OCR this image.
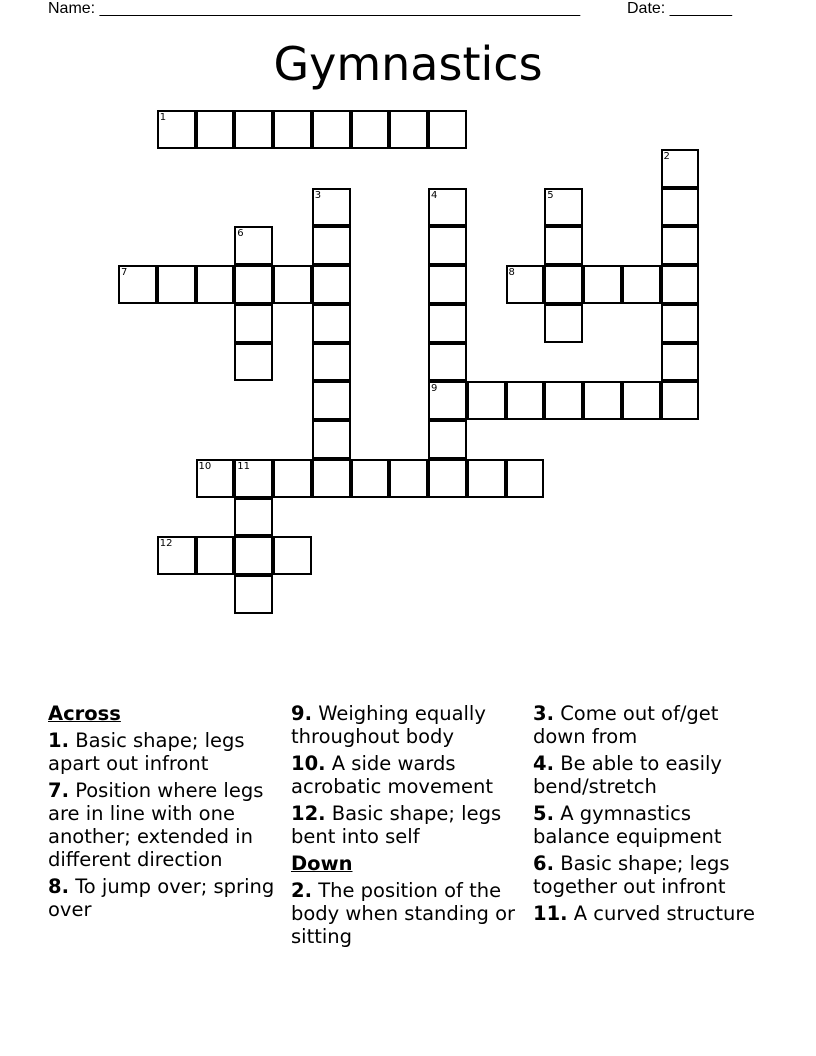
Name: ______________________________________________________	Date: _______
Gymnastics
1
2
3	4	5
6
7	8
9
10	11
12
Across
1. Basic shape; legs apart out infront
7. Position where legs are in line with one another; extended in different direction
8. To jump over; spring over
9. Weighing equally throughout body
10. A side wards acrobatic movement
12. Basic shape; legs bent into self
Down
2. The position of the body when standing or sitting
3. Come out of/get down from
4. Be able to easily bend/stretch
5. A gymnastics balance equipment
6. Basic shape; legs together out infront
11. A curved structure
